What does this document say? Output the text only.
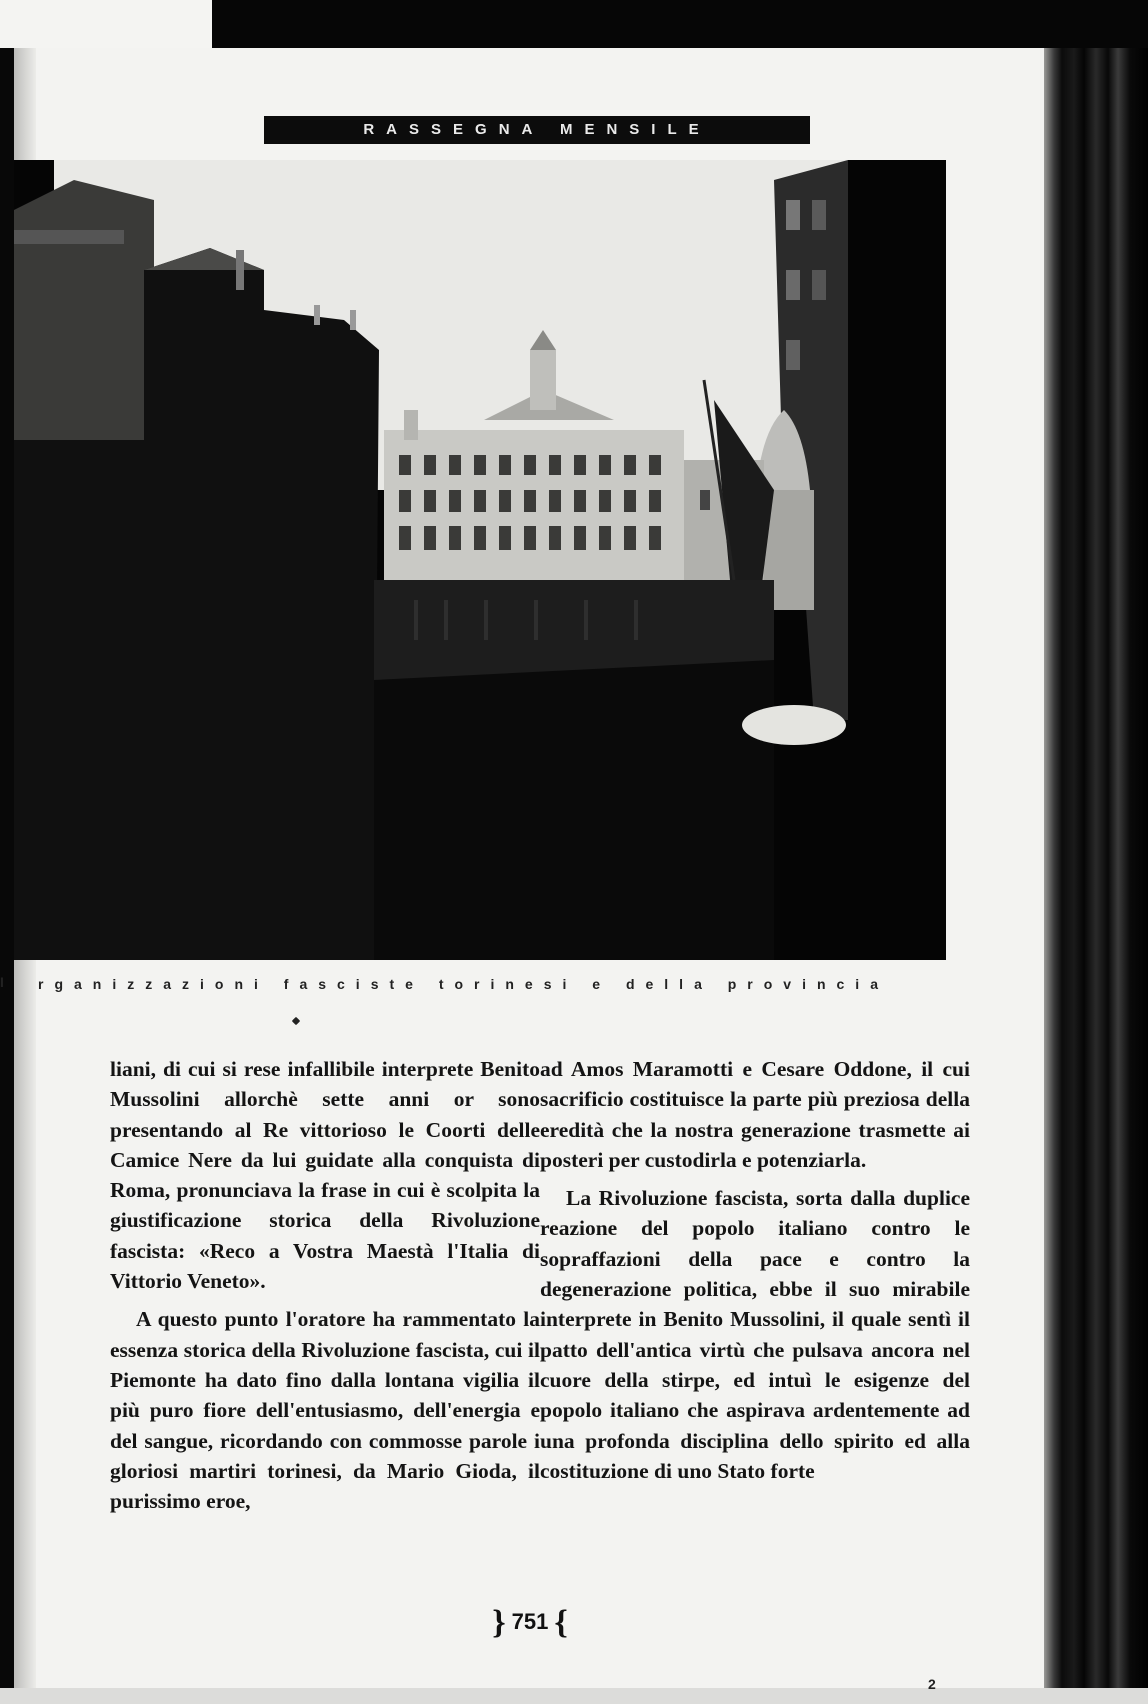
RASSEGNA MENSILE
I rganizzazioni fasciste torinesi e della provincia

liani, di cui si rese infallibile interprete Benito Mussolini allorchè sette anni or sono presentando al Re vittorioso le Coorti delle Camice Nere da lui guidate alla conquista di Roma, pronunciava la frase in cui è scolpita la giustificazione storica della Rivoluzione fascista: «Reco a Vostra Maestà l'Italia di Vittorio Veneto».

A questo punto l'oratore ha rammentato la essenza storica della Rivoluzione fascista, cui il Piemonte ha dato fino dalla lontana vigilia il più puro fiore dell'entusiasmo, dell'energia e del sangue, ricordando con commosse parole i gloriosi martiri torinesi, da Mario Gioda, il purissimo eroe,

ad Amos Maramotti e Cesare Oddone, il cui sacrificio costituisce la parte più preziosa della eredità che la nostra generazione trasmette ai posteri per custodirla e potenziarla.

La Rivoluzione fascista, sorta dalla duplice reazione del popolo italiano contro le sopraffazioni della pace e contro la degenerazione politica, ebbe il suo mirabile interprete in Benito Mussolini, il quale sentì il patto dell'antica virtù che pulsava ancora nel cuore della stirpe, ed intuì le esigenze del popolo italiano che aspirava ardentemente ad una profonda disciplina dello spirito ed alla costituzione di uno Stato forte

} 751 {
2
